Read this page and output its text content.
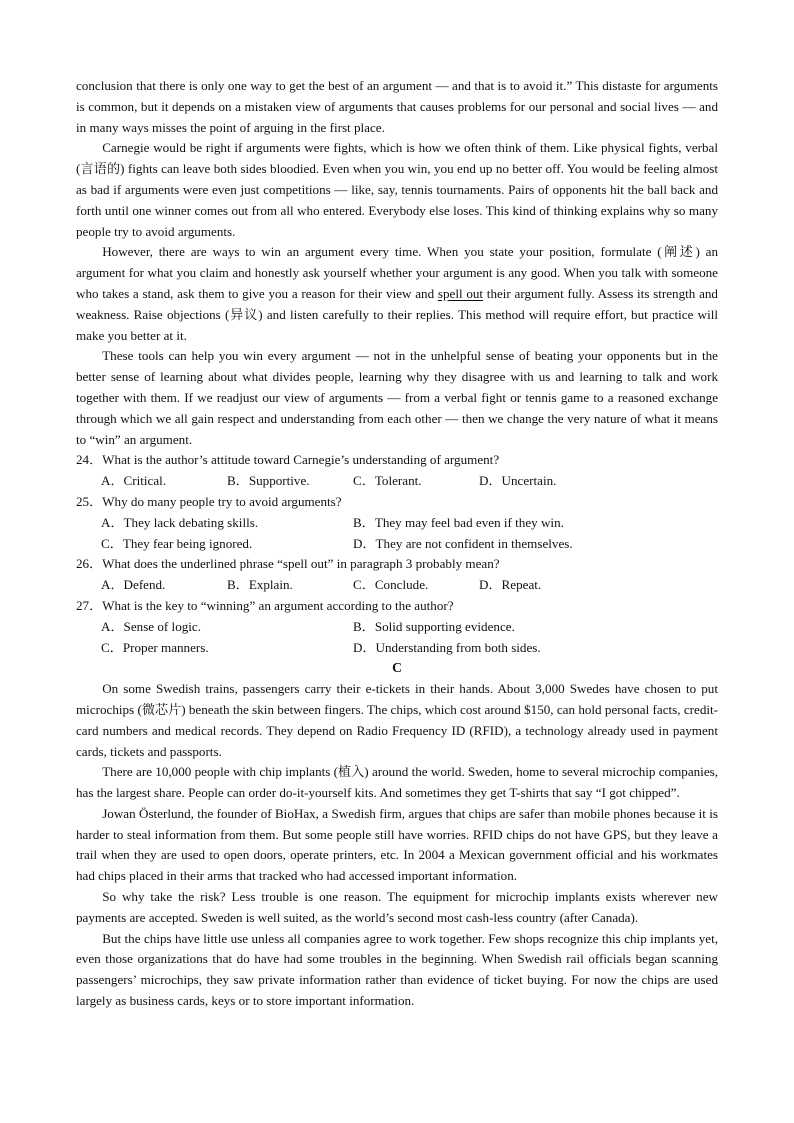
conclusion that there is only one way to get the best of an argument — and that is to avoid it.” This distaste for arguments is common, but it depends on a mistaken view of arguments that causes problems for our personal and social lives — and in many ways misses the point of arguing in the first place.

Carnegie would be right if arguments were fights, which is how we often think of them. Like physical fights, verbal (言语的) fights can leave both sides bloodied. Even when you win, you end up no better off. You would be feeling almost as bad if arguments were even just competitions — like, say, tennis tournaments. Pairs of opponents hit the ball back and forth until one winner comes out from all who entered. Everybody else loses. This kind of thinking explains why so many people try to avoid arguments.

However, there are ways to win an argument every time. When you state your position, formulate (阐述) an argument for what you claim and honestly ask yourself whether your argument is any good. When you talk with someone who takes a stand, ask them to give you a reason for their view and spell out their argument fully. Assess its strength and weakness. Raise objections (异议) and listen carefully to their replies. This method will require effort, but practice will make you better at it.

These tools can help you win every argument — not in the unhelpful sense of beating your opponents but in the better sense of learning about what divides people, learning why they disagree with us and learning to talk and work together with them. If we readjust our view of arguments — from a verbal fight or tennis game to a reasoned exchange through which we all gain respect and understanding from each other — then we change the very nature of what it means to “win” an argument.

24．What is the author’s attitude toward Carnegie’s understanding of argument?

A．Critical.	B．Supportive.	C．Tolerant.	D．Uncertain.

25．Why do many people try to avoid arguments?

A．They lack debating skills.	B．They may feel bad even if they win.
C．They fear being ignored.	D．They are not confident in themselves.

26．What does the underlined phrase “spell out” in paragraph 3 probably mean?

A．Defend.	B．Explain.	C．Conclude.	D．Repeat.

27．What is the key to “winning” an argument according to the author?

A．Sense of logic.	B．Solid supporting evidence.
C．Proper manners.	D．Understanding from both sides.

C

On some Swedish trains, passengers carry their e-tickets in their hands. About 3,000 Swedes have chosen to put microchips (微芯片) beneath the skin between fingers. The chips, which cost around $150, can hold personal facts, credit-card numbers and medical records. They depend on Radio Frequency ID (RFID), a technology already used in payment cards, tickets and passports.

There are 10,000 people with chip implants (植入) around the world. Sweden, home to several microchip companies, has the largest share. People can order do-it-yourself kits. And sometimes they get T-shirts that say “I got chipped”.

Jowan Österlund, the founder of BioHax, a Swedish firm, argues that chips are safer than mobile phones because it is harder to steal information from them. But some people still have worries. RFID chips do not have GPS, but they leave a trail when they are used to open doors, operate printers, etc. In 2004 a Mexican government official and his workmates had chips placed in their arms that tracked who had accessed important information.

So why take the risk? Less trouble is one reason. The equipment for microchip implants exists wherever new payments are accepted. Sweden is well suited, as the world’s second most cash-less country (after Canada).

But the chips have little use unless all companies agree to work together. Few shops recognize this chip implants yet, even those organizations that do have had some troubles in the beginning. When Swedish rail officials began scanning passengers’ microchips, they saw private information rather than evidence of ticket buying. For now the chips are used largely as business cards, keys or to store important information.
